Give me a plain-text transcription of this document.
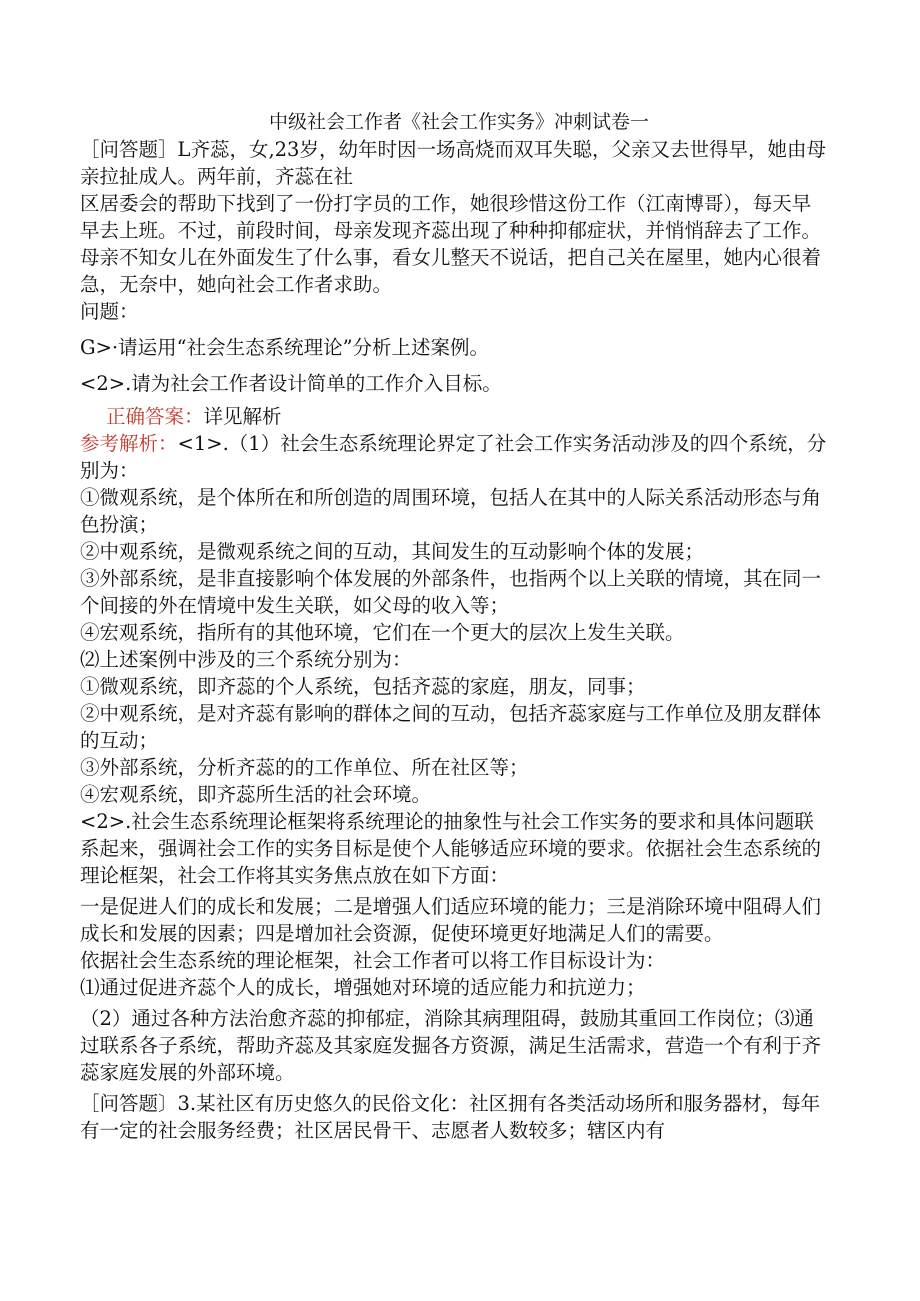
中级社会工作者《社会工作实务》冲刺试卷一

［问答题］L齐蕊，女,23岁，幼年时因一场高烧而双耳失聪，父亲又去世得早，她由母亲拉扯成人。两年前，齐蕊在社

区居委会的帮助下找到了一份打字员的工作，她很珍惜这份工作（江南博哥），每天早早去上班。不过，前段时间，母亲发现齐蕊出现了种种抑郁症状，并悄悄辞去了工作。母亲不知女儿在外面发生了什么事，看女儿整天不说话，把自己关在屋里，她内心很着急，无奈中，她向社会工作者求助。

问题：

G>·请运用“社会生态系统理论”分析上述案例。

<2>.请为社会工作者设计简单的工作介入目标。

正确答案：详见解析

参考解析：<1>.（1）社会生态系统理论界定了社会工作实务活动涉及的四个系统，分别为：

①微观系统，是个体所在和所创造的周围环境，包括人在其中的人际关系活动形态与角色扮演；

②中观系统，是微观系统之间的互动，其间发生的互动影响个体的发展；

③外部系统，是非直接影响个体发展的外部条件，也指两个以上关联的情境，其在同一个间接的外在情境中发生关联，如父母的收入等；

④宏观系统，指所有的其他环境，它们在一个更大的层次上发生关联。

⑵上述案例中涉及的三个系统分别为：

①微观系统，即齐蕊的个人系统，包括齐蕊的家庭，朋友，同事；

②中观系统，是对齐蕊有影响的群体之间的互动，包括齐蕊家庭与工作单位及朋友群体的互动；

③外部系统，分析齐蕊的的工作单位、所在社区等；

④宏观系统，即齐蕊所生活的社会环境。

<2>.社会生态系统理论框架将系统理论的抽象性与社会工作实务的要求和具体问题联系起来，强调社会工作的实务目标是使个人能够适应环境的要求。依据社会生态系统的理论框架，社会工作将其实务焦点放在如下方面：

一是促进人们的成长和发展；二是增强人们适应环境的能力；三是消除环境中阻碍人们成长和发展的因素；四是增加社会资源，促使环境更好地满足人们的需要。

依据社会生态系统的理论框架，社会工作者可以将工作目标设计为：

⑴通过促进齐蕊个人的成长，增强她对环境的适应能力和抗逆力；

（2）通过各种方法治愈齐蕊的抑郁症，消除其病理阻碍，鼓励其重回工作岗位；⑶通过联系各子系统，帮助齐蕊及其家庭发掘各方资源，满足生活需求，营造一个有利于齐蕊家庭发展的外部环境。

［问答题〕3.某社区有历史悠久的民俗文化：社区拥有各类活动场所和服务器材，每年有一定的社会服务经费；社区居民骨干、志愿者人数较多；辖区内有
